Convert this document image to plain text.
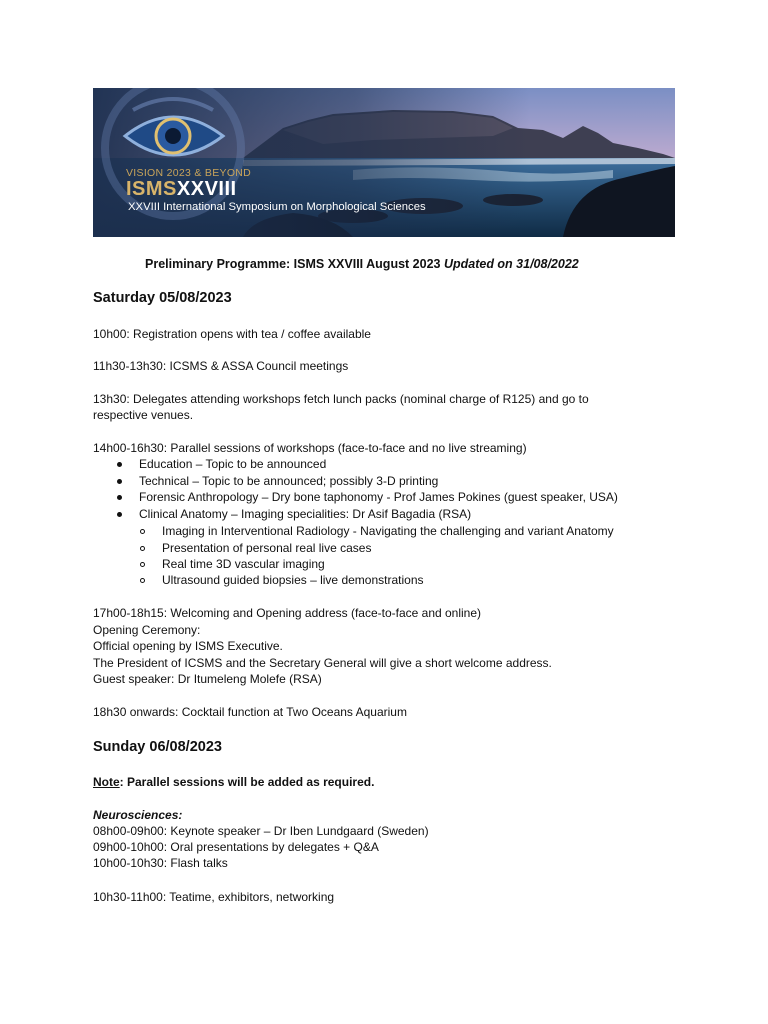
VISION 2023 & BEYOND
ISMSXXVIII
XXVIII International Symposium on Morphological Sciences
Preliminary Programme: ISMS XXVIII August 2023 Updated on 31/08/2022
Saturday 05/08/2023
10h00: Registration opens with tea / coffee available
11h30-13h30: ICSMS & ASSA Council meetings
13h30: Delegates attending workshops fetch lunch packs (nominal charge of R125) and go to
respective venues.
14h00-16h30: Parallel sessions of workshops (face-to-face and no live streaming)
Education – Topic to be announced
Technical – Topic to be announced; possibly 3-D printing
Forensic Anthropology – Dry bone taphonomy - Prof James Pokines (guest speaker, USA)
Clinical Anatomy – Imaging specialities: Dr Asif Bagadia (RSA)
Imaging in Interventional Radiology - Navigating the challenging and variant Anatomy
Presentation of personal real live cases
Real time 3D vascular imaging
Ultrasound guided biopsies – live demonstrations
17h00-18h15: Welcoming and Opening address (face-to-face and online)
Opening Ceremony:
Official opening by ISMS Executive.
The President of ICSMS and the Secretary General will give a short welcome address.
Guest speaker: Dr Itumeleng Molefe (RSA)
18h30 onwards: Cocktail function at Two Oceans Aquarium
Sunday 06/08/2023
Note: Parallel sessions will be added as required.
Neurosciences:
08h00-09h00: Keynote speaker – Dr Iben Lundgaard (Sweden)
09h00-10h00: Oral presentations by delegates + Q&A
10h00-10h30: Flash talks
10h30-11h00: Teatime, exhibitors, networking
